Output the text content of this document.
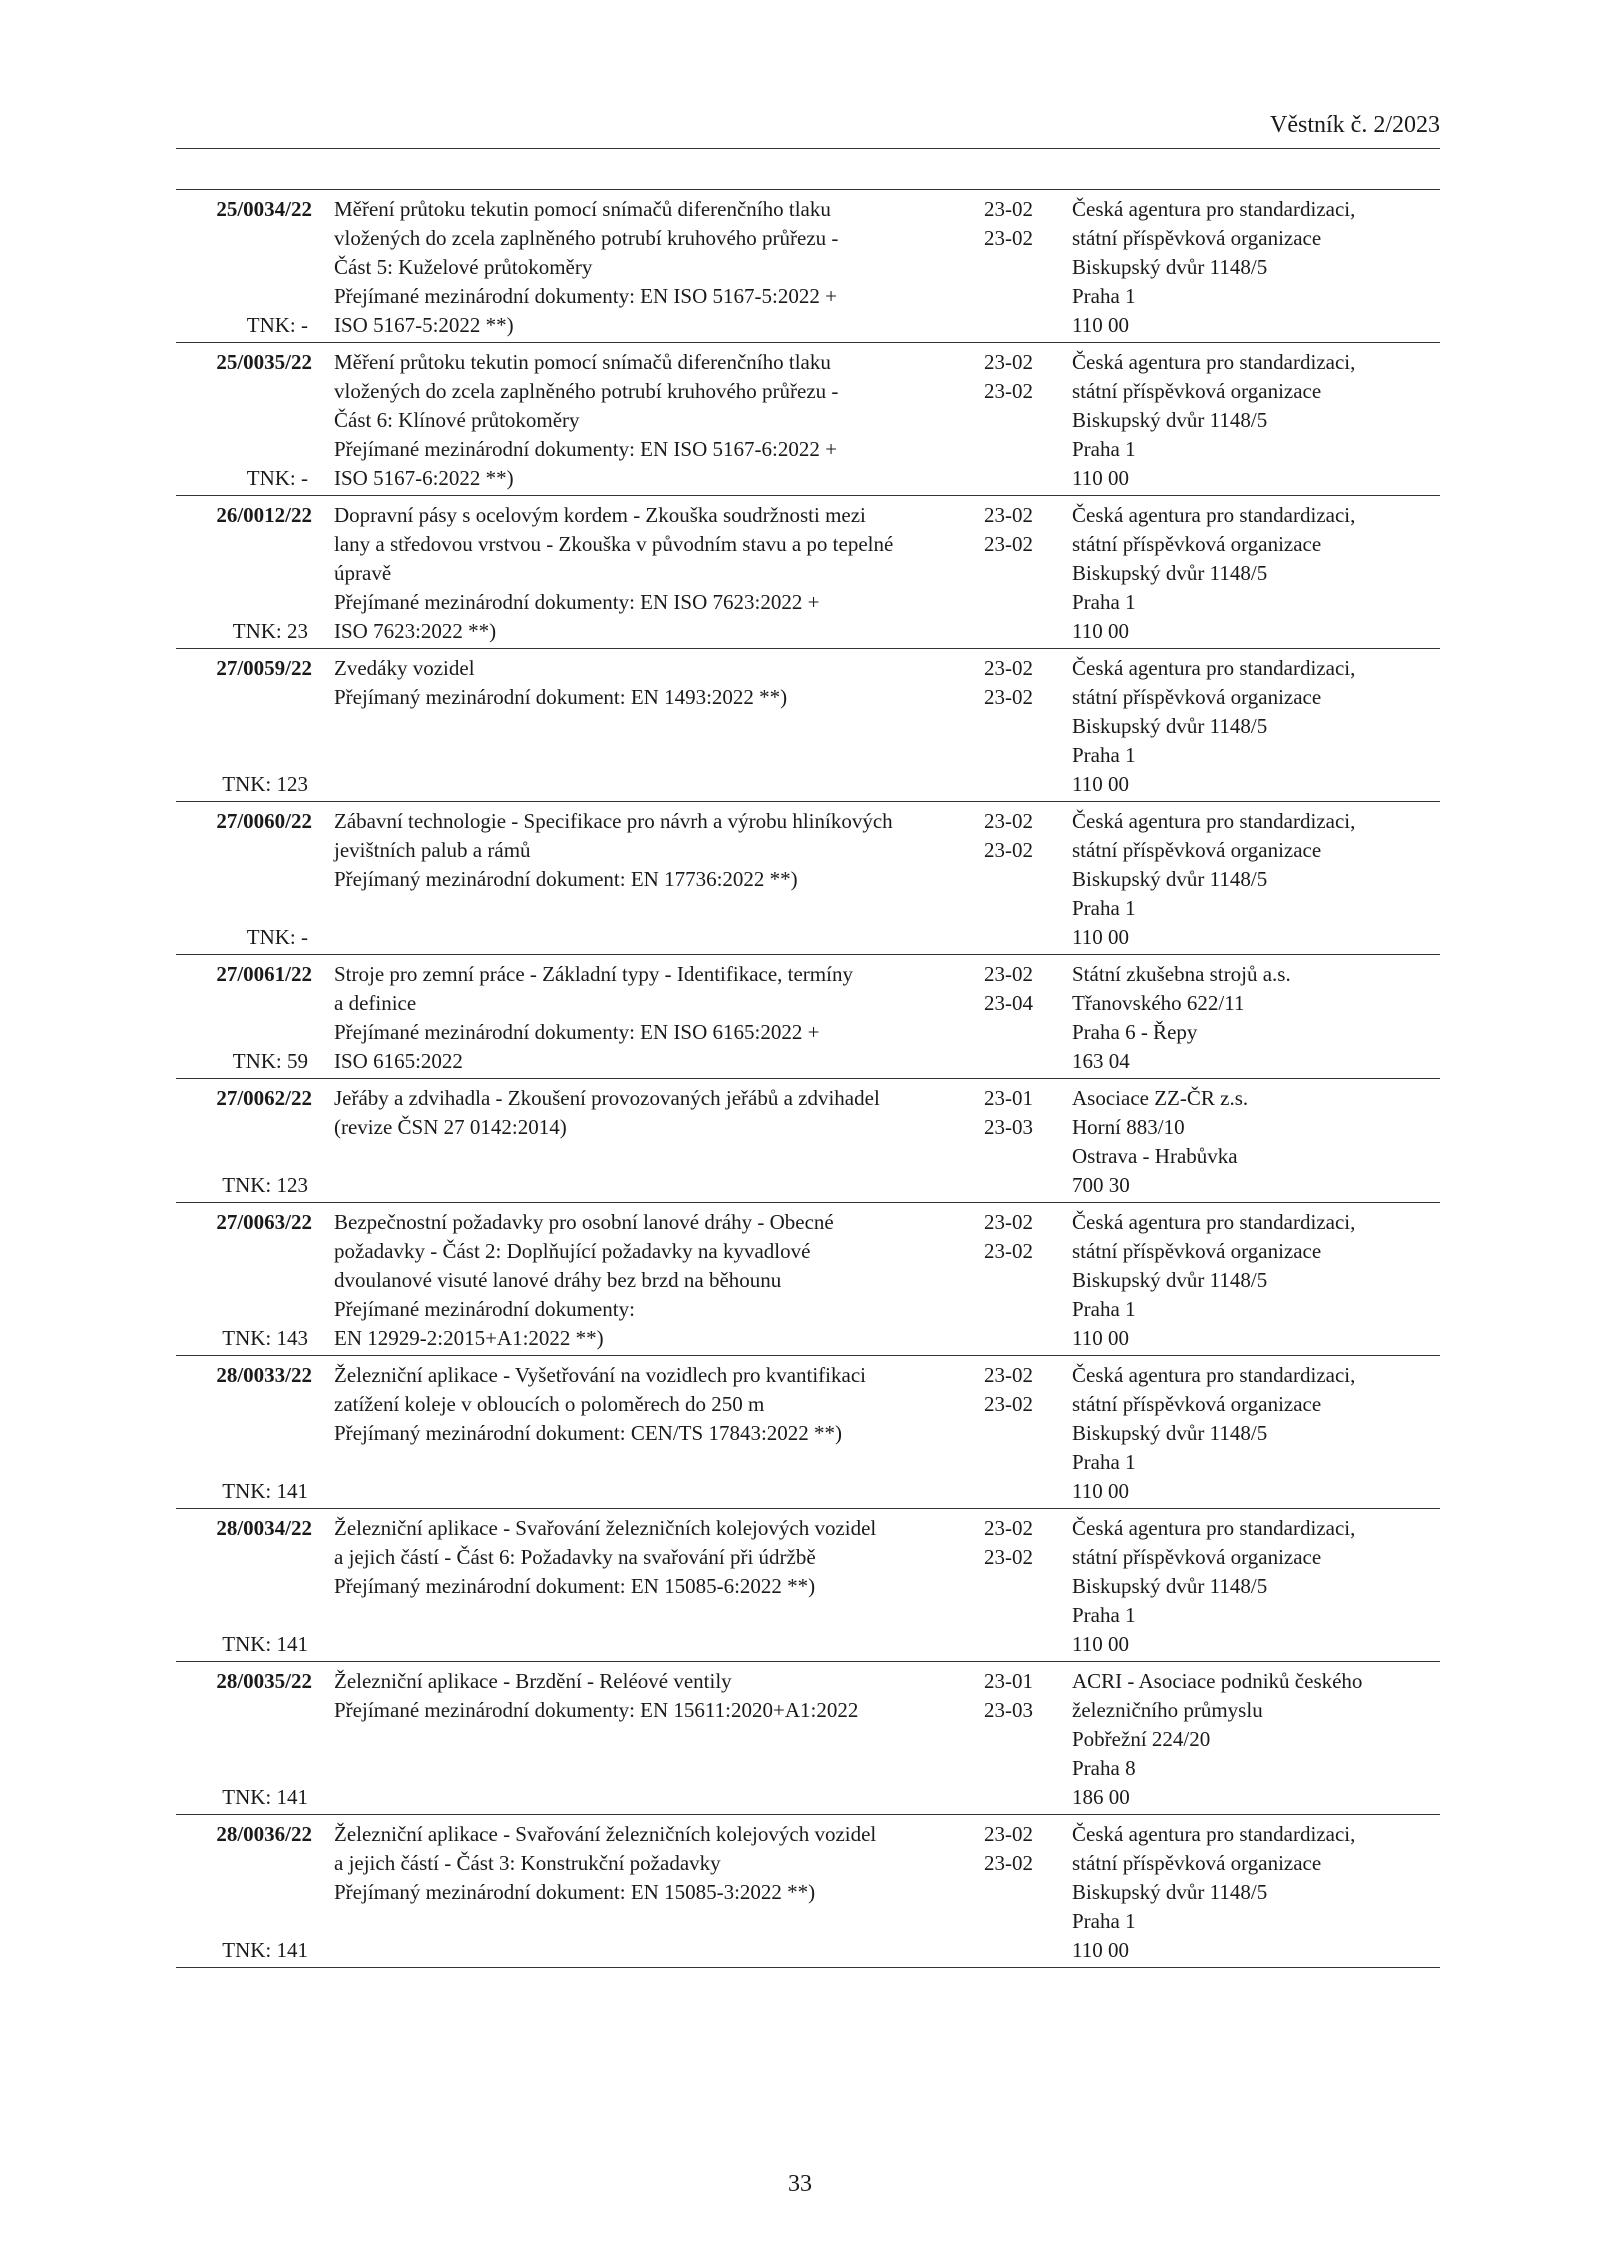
Věstník č. 2/2023
25/0034/22
TNK: -
Měření průtoku tekutin pomocí snímačů diferenčního tlaku
vložených do zcela zaplněného potrubí kruhového průřezu -
Část 5: Kuželové průtokoměry
Přejímané mezinárodní dokumenty: EN ISO 5167-5:2022 +
ISO 5167-5:2022 **)
23-02
23-02
Česká agentura pro standardizaci,
státní příspěvková organizace
Biskupský dvůr 1148/5
Praha 1
110 00
25/0035/22
TNK: -
Měření průtoku tekutin pomocí snímačů diferenčního tlaku
vložených do zcela zaplněného potrubí kruhového průřezu -
Část 6: Klínové průtokoměry
Přejímané mezinárodní dokumenty: EN ISO 5167-6:2022 +
ISO 5167-6:2022 **)
23-02
23-02
Česká agentura pro standardizaci,
státní příspěvková organizace
Biskupský dvůr 1148/5
Praha 1
110 00
26/0012/22
TNK: 23
Dopravní pásy s ocelovým kordem - Zkouška soudržnosti mezi
lany a středovou vrstvou - Zkouška v původním stavu a po tepelné
úpravě
Přejímané mezinárodní dokumenty: EN ISO 7623:2022 +
ISO 7623:2022 **)
23-02
23-02
Česká agentura pro standardizaci,
státní příspěvková organizace
Biskupský dvůr 1148/5
Praha 1
110 00
27/0059/22
TNK: 123
Zvedáky vozidel
Přejímaný mezinárodní dokument: EN 1493:2022 **)
23-02
23-02
Česká agentura pro standardizaci,
státní příspěvková organizace
Biskupský dvůr 1148/5
Praha 1
110 00
27/0060/22
TNK: -
Zábavní technologie - Specifikace pro návrh a výrobu hliníkových
jevištních palub a rámů
Přejímaný mezinárodní dokument: EN 17736:2022 **)
23-02
23-02
Česká agentura pro standardizaci,
státní příspěvková organizace
Biskupský dvůr 1148/5
Praha 1
110 00
27/0061/22
TNK: 59
Stroje pro zemní práce - Základní typy - Identifikace, termíny
a definice
Přejímané mezinárodní dokumenty: EN ISO 6165:2022 +
ISO 6165:2022
23-02
23-04
Státní zkušebna strojů a.s.
Třanovského 622/11
Praha 6 - Řepy
163 04
27/0062/22
TNK: 123
Jeřáby a zdvihadla - Zkoušení provozovaných jeřábů a zdvihadel
(revize ČSN 27 0142:2014)
23-01
23-03
Asociace ZZ-ČR z.s.
Horní 883/10
Ostrava - Hrabůvka
700 30
27/0063/22
TNK: 143
Bezpečnostní požadavky pro osobní lanové dráhy - Obecné
požadavky - Část 2: Doplňující požadavky na kyvadlové
dvoulanové visuté lanové dráhy bez brzd na běhounu
Přejímané mezinárodní dokumenty:
EN 12929-2:2015+A1:2022 **)
23-02
23-02
Česká agentura pro standardizaci,
státní příspěvková organizace
Biskupský dvůr 1148/5
Praha 1
110 00
28/0033/22
TNK: 141
Železniční aplikace - Vyšetřování na vozidlech pro kvantifikaci
zatížení koleje v obloucích o poloměrech do 250 m
Přejímaný mezinárodní dokument: CEN/TS 17843:2022 **)
23-02
23-02
Česká agentura pro standardizaci,
státní příspěvková organizace
Biskupský dvůr 1148/5
Praha 1
110 00
28/0034/22
TNK: 141
Železniční aplikace - Svařování železničních kolejových vozidel
a jejich částí - Část 6: Požadavky na svařování při údržbě
Přejímaný mezinárodní dokument: EN 15085-6:2022 **)
23-02
23-02
Česká agentura pro standardizaci,
státní příspěvková organizace
Biskupský dvůr 1148/5
Praha 1
110 00
28/0035/22
TNK: 141
Železniční aplikace - Brzdění - Reléové ventily
Přejímané mezinárodní dokumenty: EN 15611:2020+A1:2022
23-01
23-03
ACRI - Asociace podniků českého
železničního průmyslu
Pobřežní 224/20
Praha 8
186 00
28/0036/22
TNK: 141
Železniční aplikace - Svařování železničních kolejových vozidel
a jejich částí - Část 3: Konstrukční požadavky
Přejímaný mezinárodní dokument: EN 15085-3:2022 **)
23-02
23-02
Česká agentura pro standardizaci,
státní příspěvková organizace
Biskupský dvůr 1148/5
Praha 1
110 00
33
